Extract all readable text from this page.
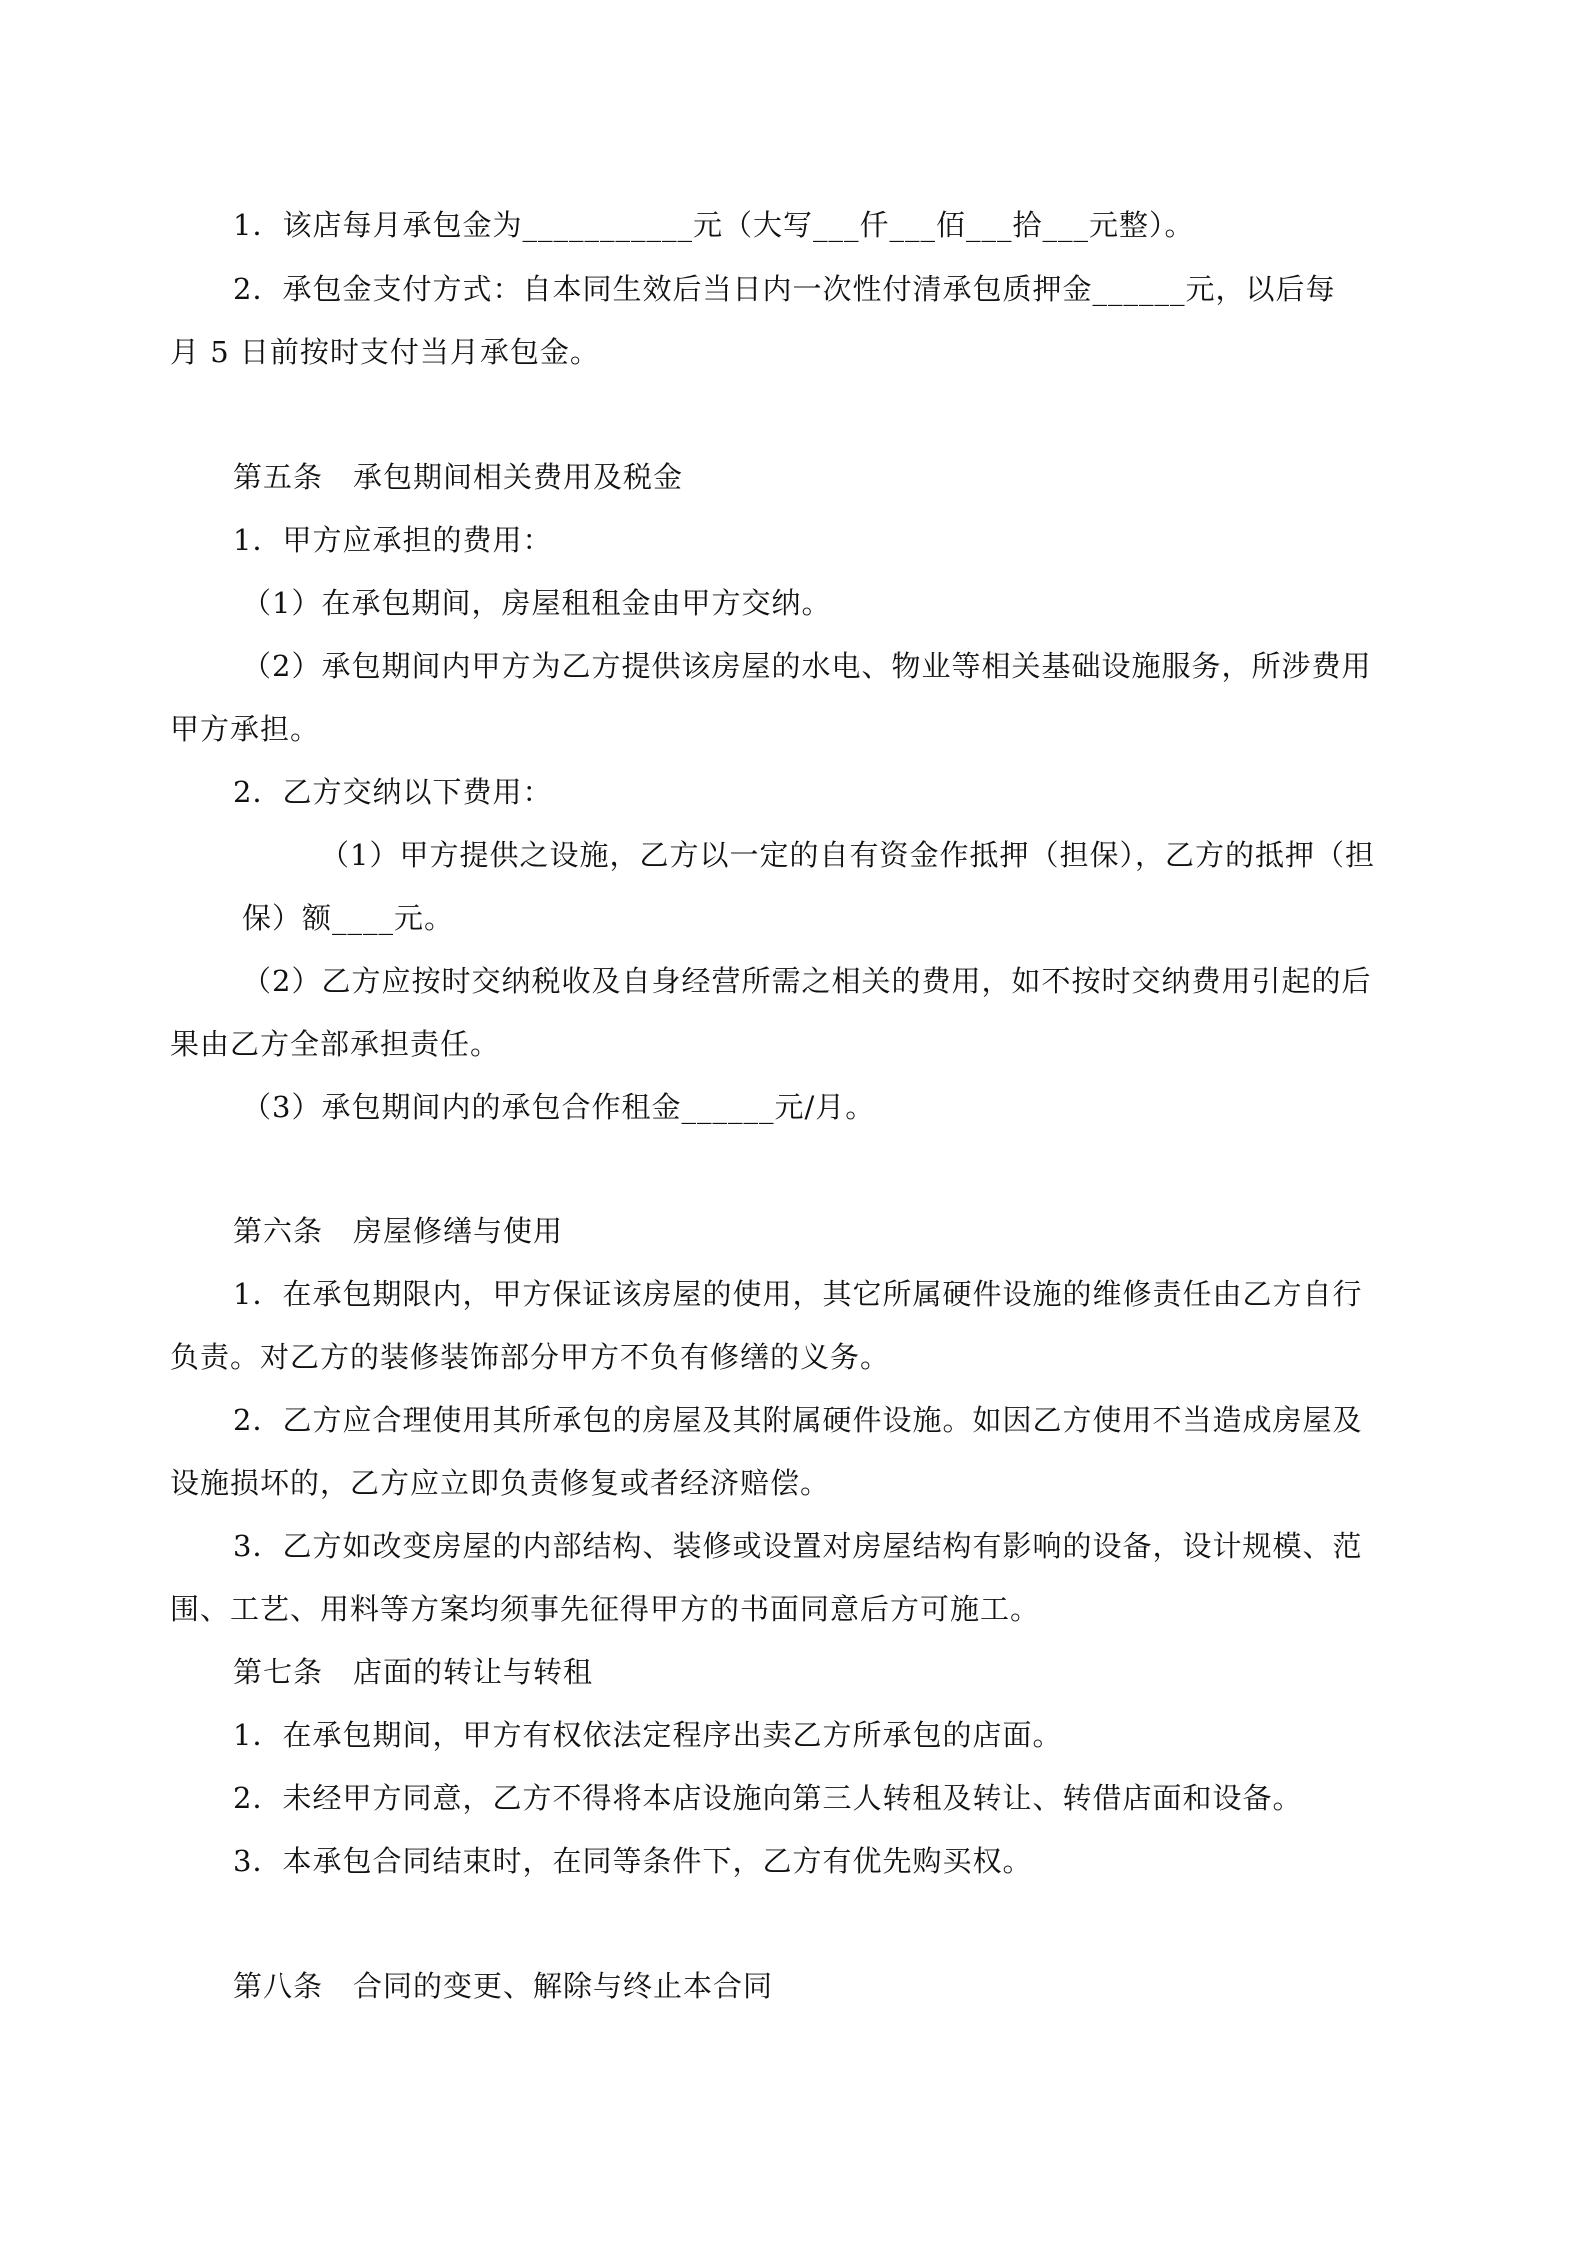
1．该店每月承包金为___________元（大写___仟___佰___拾___元整）。
2．承包金支付方式：自本同生效后当日内一次性付清承包质押金______元，以后每
月 5 日前按时支付当月承包金。
第五条　承包期间相关费用及税金
1．甲方应承担的费用：
（1）在承包期间，房屋租租金由甲方交纳。
（2）承包期间内甲方为乙方提供该房屋的水电、物业等相关基础设施服务，所涉费用
甲方承担。
2．乙方交纳以下费用：
（1）甲方提供之设施，乙方以一定的自有资金作抵押（担保），乙方的抵押（担
保）额____元。
（2）乙方应按时交纳税收及自身经营所需之相关的费用，如不按时交纳费用引起的后
果由乙方全部承担责任。
（3）承包期间内的承包合作租金______元/月。
第六条　房屋修缮与使用
1．在承包期限内，甲方保证该房屋的使用，其它所属硬件设施的维修责任由乙方自行
负责。对乙方的装修装饰部分甲方不负有修缮的义务。
2．乙方应合理使用其所承包的房屋及其附属硬件设施。如因乙方使用不当造成房屋及
设施损坏的，乙方应立即负责修复或者经济赔偿。
3．乙方如改变房屋的内部结构、装修或设置对房屋结构有影响的设备，设计规模、范
围、工艺、用料等方案均须事先征得甲方的书面同意后方可施工。
第七条　店面的转让与转租
1．在承包期间，甲方有权依法定程序出卖乙方所承包的店面。
2．未经甲方同意，乙方不得将本店设施向第三人转租及转让、转借店面和设备。
3．本承包合同结束时，在同等条件下，乙方有优先购买权。
第八条　合同的变更、解除与终止本合同
